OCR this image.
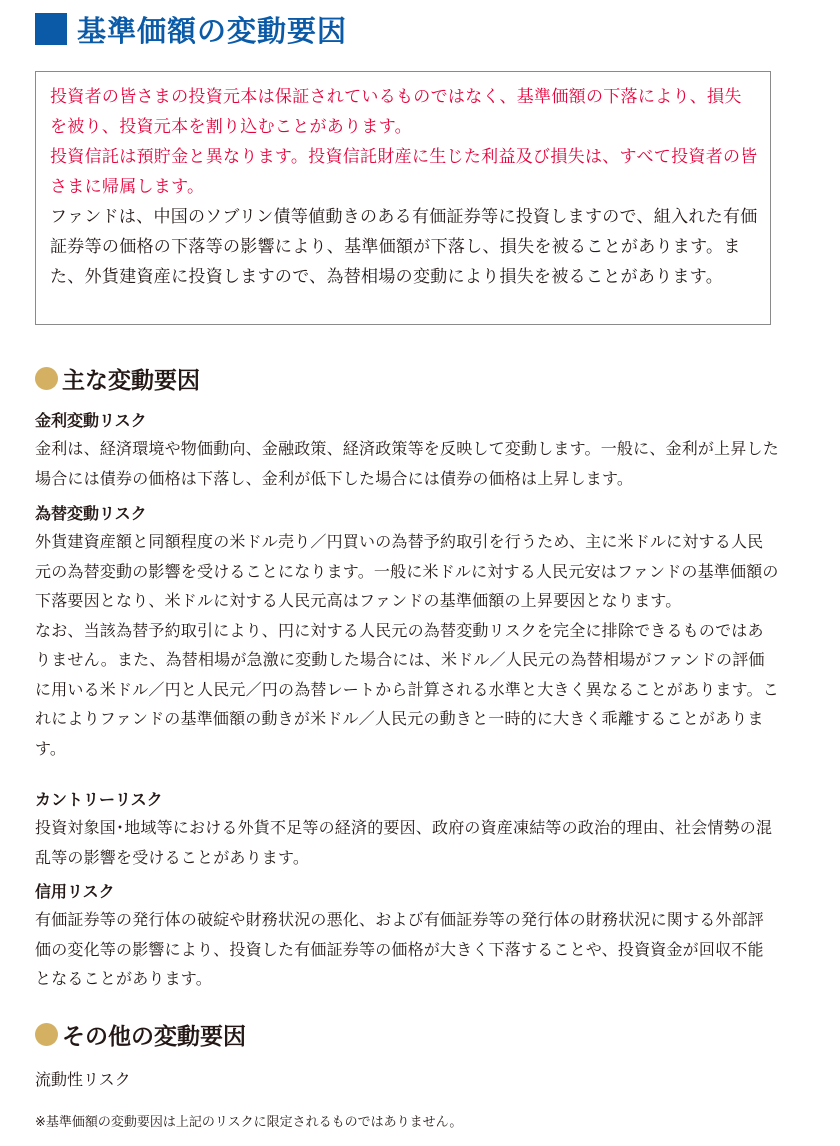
基準価額の変動要因

投資者の皆さまの投資元本は保証されているものではなく、基準価額の下落により、損失を被り、投資元本を割り込むことがあります。

投資信託は預貯金と異なります。投資信託財産に生じた利益及び損失は、すべて投資者の皆さまに帰属します。

ファンドは、中国のソブリン債等値動きのある有価証券等に投資しますので、組入れた有価証券等の価格の下落等の影響により、基準価額が下落し、損失を被ることがあります。また、外貨建資産に投資しますので、為替相場の変動により損失を被ることがあります。

主な変動要因

金利変動リスク

金利は、経済環境や物価動向、金融政策、経済政策等を反映して変動します。一般に、金利が上昇した場合には債券の価格は下落し、金利が低下した場合には債券の価格は上昇します。

為替変動リスク

外貨建資産額と同額程度の米ドル売り／円買いの為替予約取引を行うため、主に米ドルに対する人民元の為替変動の影響を受けることになります。一般に米ドルに対する人民元安はファンドの基準価額の下落要因となり、米ドルに対する人民元高はファンドの基準価額の上昇要因となります。

なお、当該為替予約取引により、円に対する人民元の為替変動リスクを完全に排除できるものではありません。また、為替相場が急激に変動した場合には、米ドル／人民元の為替相場がファンドの評価に用いる米ドル／円と人民元／円の為替レートから計算される水準と大きく異なることがあります。これによりファンドの基準価額の動きが米ドル／人民元の動きと一時的に大きく乖離することがあります。

カントリーリスク

投資対象国･地域等における外貨不足等の経済的要因、政府の資産凍結等の政治的理由、社会情勢の混乱等の影響を受けることがあります。

信用リスク

有価証券等の発行体の破綻や財務状況の悪化、および有価証券等の発行体の財務状況に関する外部評価の変化等の影響により、投資した有価証券等の価格が大きく下落することや、投資資金が回収不能となることがあります。

その他の変動要因
流動性リスク
※基準価額の変動要因は上記のリスクに限定されるものではありません。
